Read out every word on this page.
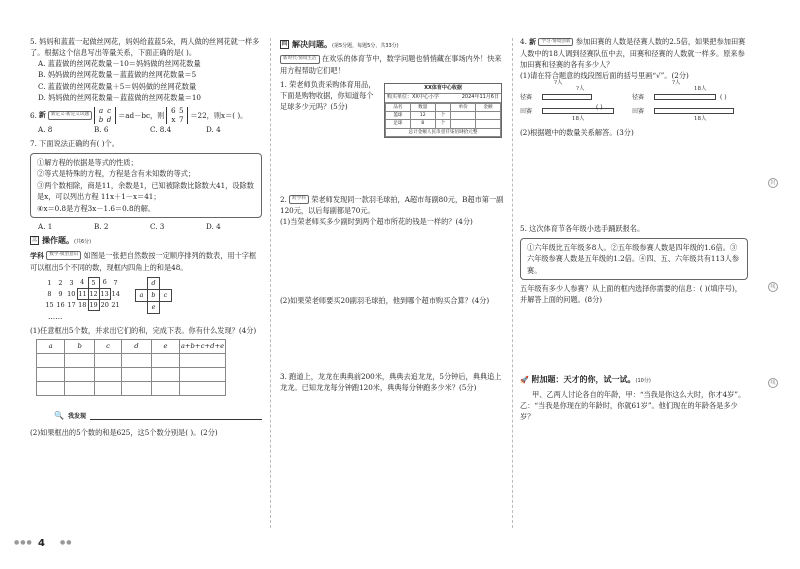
5. 妈妈和蓝蓝一起做丝网花，妈妈给蓝蓝5朵，两人做的丝网花就一样多了。根据这个信息写出等量关系，下面正确的是( )。
A. 蓝蓝做的丝网花数量－10＝妈妈做的丝网花数量
B. 妈妈做的丝网花数量－蓝蓝做的丝网花数量＝5
C. 蓝蓝做的丝网花数量＋5＝妈妈做的丝网花数量
D. 妈妈做的丝网花数量－蓝蓝做的丝网花数量＝10
6. 新	新定义·新定义试题	a c
b d ＝ad－bc，则
6 5
x 7 ＝22，则x＝( )。
A. 8	B. 6	C. 8.4	D. 4
7. 下面说法正确的有( )个。
①解方程的依据是等式的性质；
②等式是特殊的方程，方程是含有未知数的等式；
③两个数相除，商是11，余数是1，已知被除数比除数大41，设除数是x，可以列出方程 11x＋1－x＝41；
④x＝0.8是方程3x－1.6＝0.8的解。
A. 1	B. 2	C. 3	D. 4
三 操作题。(共6分)
学科 数学·模型意识 如图是一张把自然数按一定顺序排列的数表，用十字框可以框出5个不同的数，现框内四角上的和是48。
1	2	3	4	5	6	7
8	9	10	11	12	13	14
15	16	17	18	19	20	21
……
	d	
a	b	c
	e	
(1)任意框出5个数，并求出它们的和，完成下表。你有什么发现？(4分)
a	b	c	d	e	a+b+c+d+e

🔍 我发现
(2)如果框出的5个数的和是625，这5个数分别是( )。(2分)
四 解决问题。(第5分题，每题5分，共33分)
新时代·情境生活 在欢乐的体育节中，数学问题也悄悄藏在事场内外！快来用方程帮助它们吧！
1. 荣老师负责采购体育用品，下面是购物收据，你知道每个足球多少元吗？(5分)
XX体育中心收据
购买单位：XX中心小学	2024年11月6日
品名	数量		单价	金额
篮球	12	个		
足球	8	个		
总计金额人民币壹仟柒佰肆拾元整				
2. 跨学科 荣老师发现同一款羽毛球拍，A超市每副80元，B超市第一副120元，以后每副都是70元。
(1)当荣老师买多少副时到两个超市所花的钱是一样的？(4分)
(2)如果荣老师要买20副羽毛球拍，他到哪个超市购买合算？(4分)
3. 跑道上，龙龙在典典前200米，典典去追龙龙，5分钟后，典典追上龙龙。已知龙龙每分钟跑120米，典典每分钟跑多少米？(5分)
4. 新 学习·情境创新 参加田赛的人数是径赛人数的2.5倍，如果把参加田赛人数中的18人调到径赛队伍中去，田赛和径赛的人数就一样多。原来参加田赛和径赛的各有多少人？
(1)请在符合题意的线段图后面的括号里画“√”。(2分)
?人
?人
径赛
田赛
18人
( )
?人
18人
径赛
田赛
18人
( )
(2)根据题中的数量关系解答。(3分)
5. 这次体育节各年级小选手踊跃报名。
①六年级比五年级多8人。②五年级参赛人数是四年级的1.6倍。③六年级参赛人数是五年级的1.2倍。④四、五、六年级共有113人参赛。
五年级有多少人参赛？从上面的框内选择你需要的信息：( )(填序号)，并解答上面的问题。(8分)
🚀 附加题：天才的你，试一试。(10分)
甲、乙两人讨论各自的年龄，甲：“当我是你这么大时，你才4岁”。乙：“当我是你现在的年龄时，你就61岁”。他们现在的年龄各是多少岁？
封
线
线
●●● 4	●●
